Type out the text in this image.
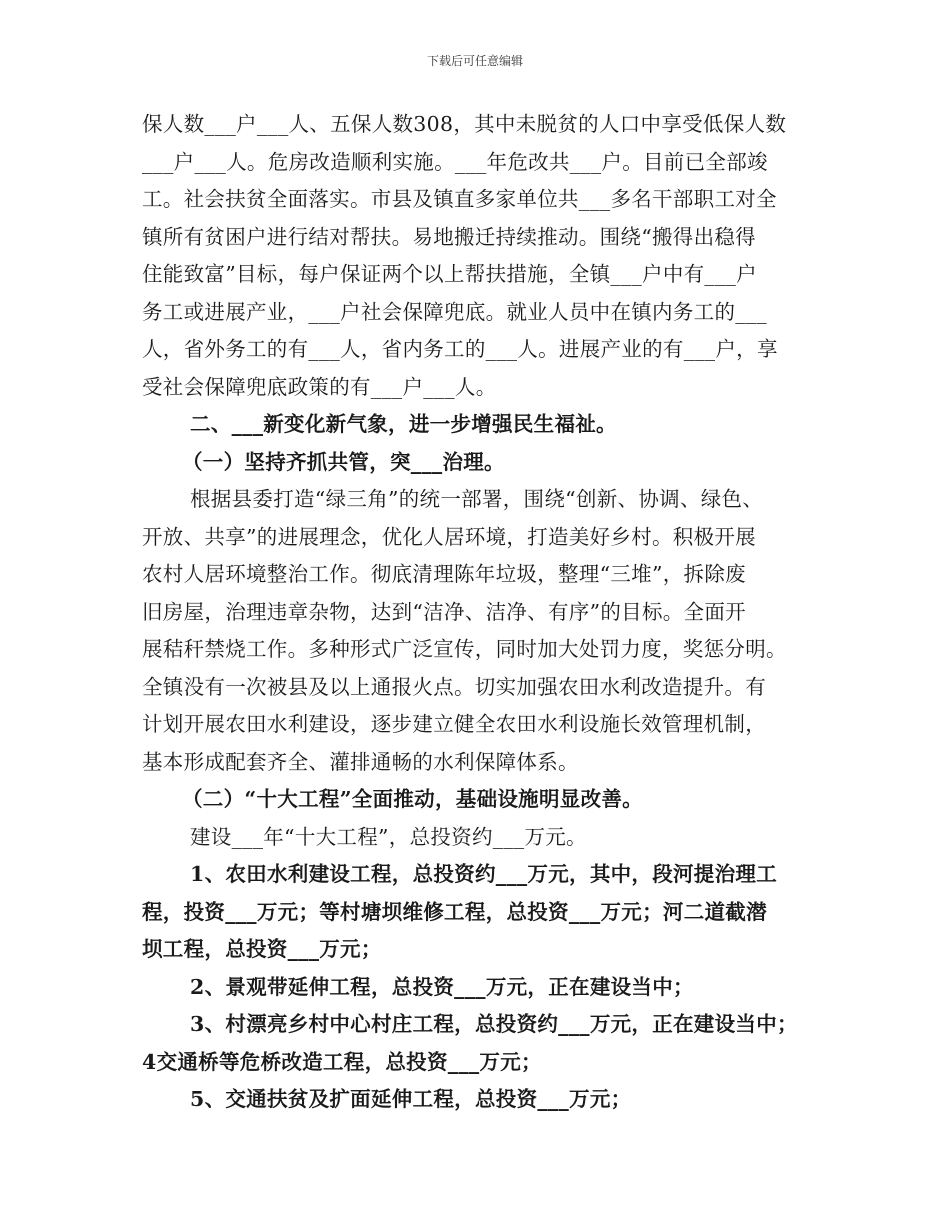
下载后可任意编辑
保人数___户___人、五保人数308，其中未脱贫的人口中享受低保人数
___户___人。危房改造顺利实施。___年危改共___户。目前已全部竣
工。社会扶贫全面落实。市县及镇直多家单位共___多名干部职工对全
镇所有贫困户进行结对帮扶。易地搬迁持续推动。围绕“搬得出稳得
住能致富”目标，每户保证两个以上帮扶措施，全镇___户中有___户
务工或进展产业，___户社会保障兜底。就业人员中在镇内务工的___
人，省外务工的有___人，省内务工的___人。进展产业的有___户，享
受社会保障兜底政策的有___户___人。
二、___新变化新气象，进一步增强民生福祉。
（一）坚持齐抓共管，突___治理。
根据县委打造“绿三角”的统一部署，围绕“创新、协调、绿色、
开放、共享”的进展理念，优化人居环境，打造美好乡村。积极开展
农村人居环境整治工作。彻底清理陈年垃圾，整理“三堆”，拆除废
旧房屋，治理违章杂物，达到“洁净、洁净、有序”的目标。全面开
展秸秆禁烧工作。多种形式广泛宣传，同时加大处罚力度，奖惩分明。
全镇没有一次被县及以上通报火点。切实加强农田水利改造提升。有
计划开展农田水利建设，逐步建立健全农田水利设施长效管理机制，
基本形成配套齐全、灌排通畅的水利保障体系。
（二）“十大工程”全面推动，基础设施明显改善。
建设___年“十大工程”，总投资约___万元。
1、农田水利建设工程，总投资约___万元，其中，段河提治理工
程，投资___万元；等村塘坝维修工程，总投资___万元；河二道截潜
坝工程，总投资___万元；
2、景观带延伸工程，总投资___万元，正在建设当中；
3、村漂亮乡村中心村庄工程，总投资约___万元，正在建设当中；
4交通桥等危桥改造工程，总投资___万元；
5、交通扶贫及扩面延伸工程，总投资___万元；
